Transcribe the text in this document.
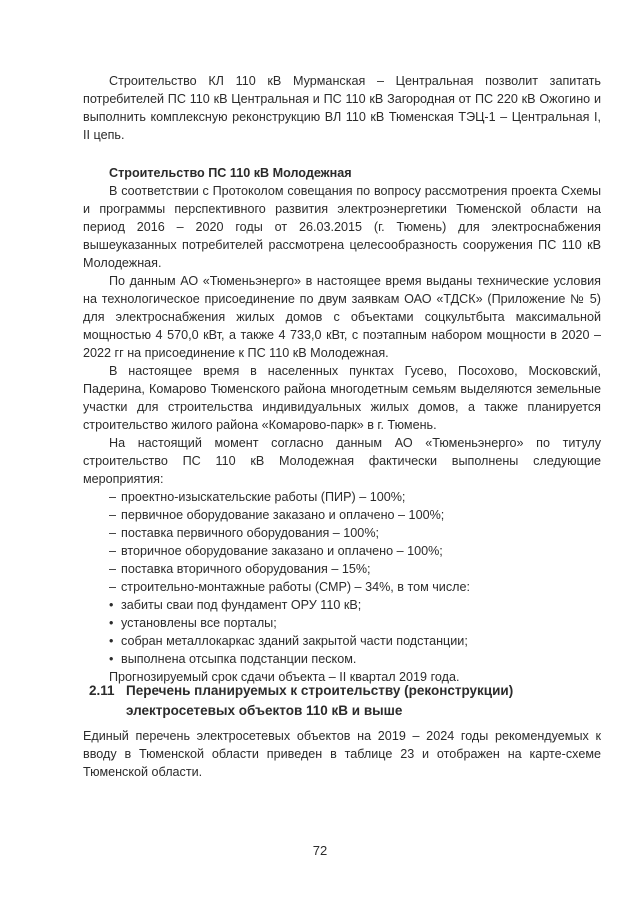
Строительство КЛ 110 кВ Мурманская – Центральная позволит запитать потребителей ПС 110 кВ Центральная и ПС 110 кВ Загородная от ПС 220 кВ Ожогино и выполнить комплексную реконструкцию ВЛ 110 кВ Тюменская ТЭЦ-1 – Центральная I, II цепь.

Строительство ПС 110 кВ Молодежная

В соответствии с Протоколом совещания по вопросу рассмотрения проекта Схемы и программы перспективного развития электроэнергетики Тюменской области на период 2016 – 2020 годы от 26.03.2015 (г. Тюмень) для электроснабжения вышеуказанных потребителей рассмотрена целесообразность сооружения ПС 110 кВ Молодежная.

По данным АО «Тюменьэнерго» в настоящее время выданы технические условия на технологическое присоединение по двум заявкам ОАО «ТДСК» (Приложение № 5) для электроснабжения жилых домов с объектами соцкультбыта максимальной мощностью 4 570,0 кВт, а также 4 733,0 кВт, с поэтапным набором мощности в 2020 – 2022 гг на присоединение к ПС 110 кВ Молодежная.

В настоящее время в населенных пунктах Гусево, Посохово, Московский, Падерина, Комарово Тюменского района многодетным семьям выделяются земельные участки для строительства индивидуальных жилых домов, а также планируется строительство жилого района «Комарово-парк» в г. Тюмень.

На настоящий момент согласно данным АО «Тюменьэнерго» по титулу строительство ПС 110 кВ Молодежная фактически выполнены следующие мероприятия:

– проектно-изыскательские работы (ПИР) – 100%;
– первичное оборудование заказано и оплачено – 100%;
– поставка первичного оборудования – 100%;
– вторичное оборудование заказано и оплачено – 100%;
– поставка вторичного оборудования – 15%;
– строительно-монтажные работы (СМР) – 34%, в том числе:
• забиты сваи под фундамент ОРУ 110 кВ;
• установлены все порталы;
• собран металлокаркас зданий закрытой части подстанции;
• выполнена отсыпка подстанции песком.

Прогнозируемый срок сдачи объекта – II квартал 2019 года.

2.11 Перечень планируемых к строительству (реконструкции) электросетевых объектов 110 кВ и выше

Единый перечень электросетевых объектов на 2019 – 2024 годы рекомендуемых к вводу в Тюменской области приведен в таблице 23 и отображен на карте-схеме Тюменской области.

72
